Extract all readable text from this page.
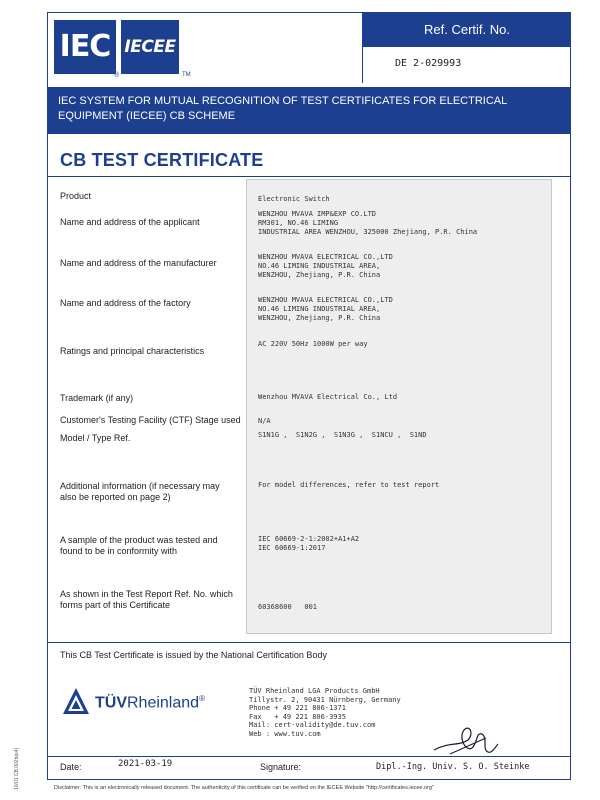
IEC IECEE
®	TM
Ref. Certif. No.
DE 2-029993
IEC SYSTEM FOR MUTUAL RECOGNITION OF TEST CERTIFICATES FOR ELECTRICAL EQUIPMENT (IECEE) CB SCHEME
CB TEST CERTIFICATE
Product	Electronic Switch
Name and address of the applicant
WENZHOU MVAVA IMP&EXP CO.LTD
RM301, NO.46 LIMING
INDUSTRIAL AREA WENZHOU, 325000 Zhejiang, P.R. China
Name and address of the manufacturer
WENZHOU MVAVA ELECTRICAL CO.,LTD
NO.46 LIMING INDUSTRIAL AREA,
WENZHOU, Zhejiang, P.R. China
Name and address of the factory	WENZHOU MVAVA ELECTRICAL CO.,LTD
NO.46 LIMING INDUSTRIAL AREA,
WENZHOU, Zhejiang, P.R. China
Ratings and principal characteristics
AC 220V 50Hz 1000W per way
Trademark (if any)	Wenzhou MVAVA Electrical Co., Ltd
Customer's Testing Facility (CTF) Stage used	N/A
Model / Type Ref.	S1N1G ,  S1N2G ,  S1N3G ,  S1NCU ,  S1ND
Additional information (if necessary may also be reported on page 2)
For model differences, refer to test report
A sample of the product was tested and found to be in conformity with
IEC 60669-2-1:2002+A1+A2
IEC 60669-1:2017
As shown in the Test Report Ref. No. which forms part of this Certificate	60368600   001
This CB Test Certificate is issued by the National Certification Body
TÜVRheinland®
TÜV Rheinland LGA Products GmbH
Tillystr. 2, 90431 Nürnberg, Germany
Phone + 49 221 806-1371
Fax   + 49 221 806-3935
Mail: cert-validity@de.tuv.com
Web : www.tuv.com
Date:	2021-03-19	Signature:	Dipl.-Ing. Univ. S. O. Steinke
10/01 CB 002b(e4)	Disclaimer: This is an electronically released document. The authenticity of this certificate can be verified on the IECEE Website "http://certificates.iecee.org"
